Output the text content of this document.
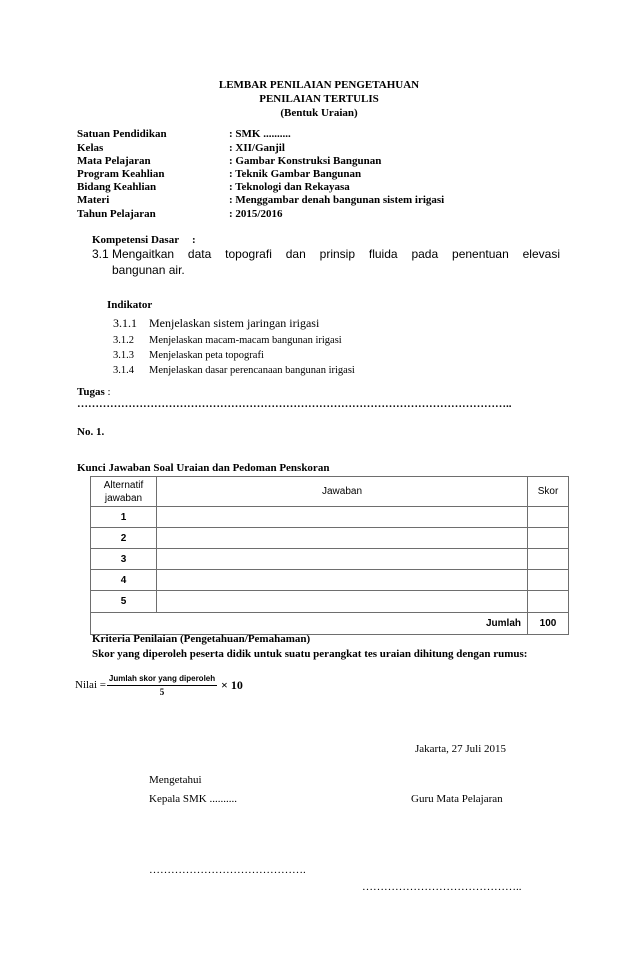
LEMBAR PENILAIAN PENGETAHUAN
PENILAIAN TERTULIS
(Bentuk Uraian)
Satuan Pendidikan	: SMK ..........
Kelas	: XII/Ganjil
Mata Pelajaran	: Gambar Konstruksi Bangunan
Program Keahlian	: Teknik Gambar Bangunan
Bidang Keahlian	: Teknologi dan Rekayasa
Materi	: Menggambar denah bangunan sistem irigasi
Tahun Pelajaran	: 2015/2016
Kompetensi Dasar :
3.1 Mengaitkan data topografi dan prinsip fluida pada penentuan elevasi
bangunan air.
Indikator
3.1.1 Menjelaskan sistem jaringan irigasi
3.1.2 Menjelaskan macam-macam bangunan irigasi
3.1.3 Menjelaskan peta topografi
3.1.4 Menjelaskan dasar perencanaan bangunan irigasi
Tugas :
………………………………………………………………………………………………………..
No. 1.
Kunci Jawaban Soal Uraian dan Pedoman Penskoran
Alternatif
jawaban	Jawaban	Skor
1		
2		
3		
4		
5		
Jumlah		100
Kriteria Penilaian (Pengetahuan/Pemahaman)
Skor yang diperoleh peserta didik untuk suatu perangkat tes uraian dihitung dengan rumus:
Nilai =
Jumlah skor yang diperoleh
5	× 10
Jakarta, 27 Juli 2015
Mengetahui
Kepala SMK ..........	Guru Mata Pelajaran
…………………………………….
……………………………………..
